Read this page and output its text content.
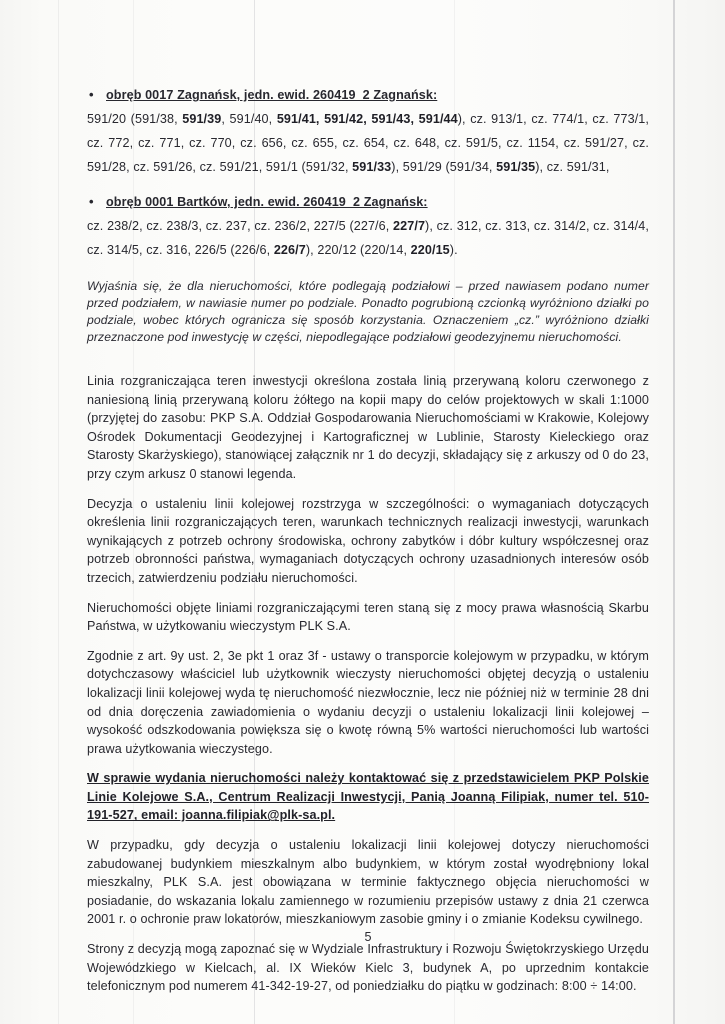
• obręb 0017 Zagnańsk, jedn. ewid. 260419_2 Zagnańsk:

591/20 (591/38, 591/39, 591/40, 591/41, 591/42, 591/43, 591/44), cz. 913/1, cz. 774/1, cz. 773/1, cz. 772, cz. 771, cz. 770, cz. 656, cz. 655, cz. 654, cz. 648, cz. 591/5, cz. 1154, cz. 591/27, cz. 591/28, cz. 591/26, cz. 591/21, 591/1 (591/32, 591/33), 591/29 (591/34, 591/35), cz. 591/31,

• obręb 0001 Bartków, jedn. ewid. 260419_2 Zagnańsk:

cz. 238/2, cz. 238/3, cz. 237, cz. 236/2, 227/5 (227/6, 227/7), cz. 312, cz. 313, cz. 314/2, cz. 314/4, cz. 314/5, cz. 316, 226/5 (226/6, 226/7), 220/12 (220/14, 220/15).

Wyjaśnia się, że dla nieruchomości, które podlegają podziałowi – przed nawiasem podano numer przed podziałem, w nawiasie numer po podziale. Ponadto pogrubioną czcionką wyróżniono działki po podziale, wobec których ogranicza się sposób korzystania. Oznaczeniem „cz.” wyróżniono działki przeznaczone pod inwestycję w części, niepodlegające podziałowi geodezyjnemu nieruchomości.

Linia rozgraniczająca teren inwestycji określona została linią przerywaną koloru czerwonego z naniesioną linią przerywaną koloru żółtego na kopii mapy do celów projektowych w skali 1:1000 (przyjętej do zasobu: PKP S.A. Oddział Gospodarowania Nieruchomościami w Krakowie, Kolejowy Ośrodek Dokumentacji Geodezyjnej i Kartograficznej w Lublinie, Starosty Kieleckiego oraz Starosty Skarżyskiego), stanowiącej załącznik nr 1 do decyzji, składający się z arkuszy od 0 do 23, przy czym arkusz 0 stanowi legenda.

Decyzja o ustaleniu linii kolejowej rozstrzyga w szczególności: o wymaganiach dotyczących określenia linii rozgraniczających teren, warunkach technicznych realizacji inwestycji, warunkach wynikających z potrzeb ochrony środowiska, ochrony zabytków i dóbr kultury współczesnej oraz potrzeb obronności państwa, wymaganiach dotyczących ochrony uzasadnionych interesów osób trzecich, zatwierdzeniu podziału nieruchomości.

Nieruchomości objęte liniami rozgraniczającymi teren staną się z mocy prawa własnością Skarbu Państwa, w użytkowaniu wieczystym PLK S.A.

Zgodnie z art. 9y ust. 2, 3e pkt 1 oraz 3f - ustawy o transporcie kolejowym w przypadku, w którym dotychczasowy właściciel lub użytkownik wieczysty nieruchomości objętej decyzją o ustaleniu lokalizacji linii kolejowej wyda tę nieruchomość niezwłocznie, lecz nie później niż w terminie 28 dni od dnia doręczenia zawiadomienia o wydaniu decyzji o ustaleniu lokalizacji linii kolejowej – wysokość odszkodowania powiększa się o kwotę równą 5% wartości nieruchomości lub wartości prawa użytkowania wieczystego.

W sprawie wydania nieruchomości należy kontaktować się z przedstawicielem PKP Polskie Linie Kolejowe S.A., Centrum Realizacji Inwestycji, Panią Joanną Filipiak, numer tel. 510-191-527, email: joanna.filipiak@plk-sa.pl.

W przypadku, gdy decyzja o ustaleniu lokalizacji linii kolejowej dotyczy nieruchomości zabudowanej budynkiem mieszkalnym albo budynkiem, w którym został wyodrębniony lokal mieszkalny, PLK S.A. jest obowiązana w terminie faktycznego objęcia nieruchomości w posiadanie, do wskazania lokalu zamiennego w rozumieniu przepisów ustawy z dnia 21 czerwca 2001 r. o ochronie praw lokatorów, mieszkaniowym zasobie gminy i o zmianie Kodeksu cywilnego.

Strony z decyzją mogą zapoznać się w Wydziale Infrastruktury i Rozwoju Świętokrzyskiego Urzędu Wojewódzkiego w Kielcach, al. IX Wieków Kielc 3, budynek A, po uprzednim kontakcie telefonicznym pod numerem 41-342-19-27, od poniedziałku do piątku w godzinach: 8:00 ÷ 14:00.

5
